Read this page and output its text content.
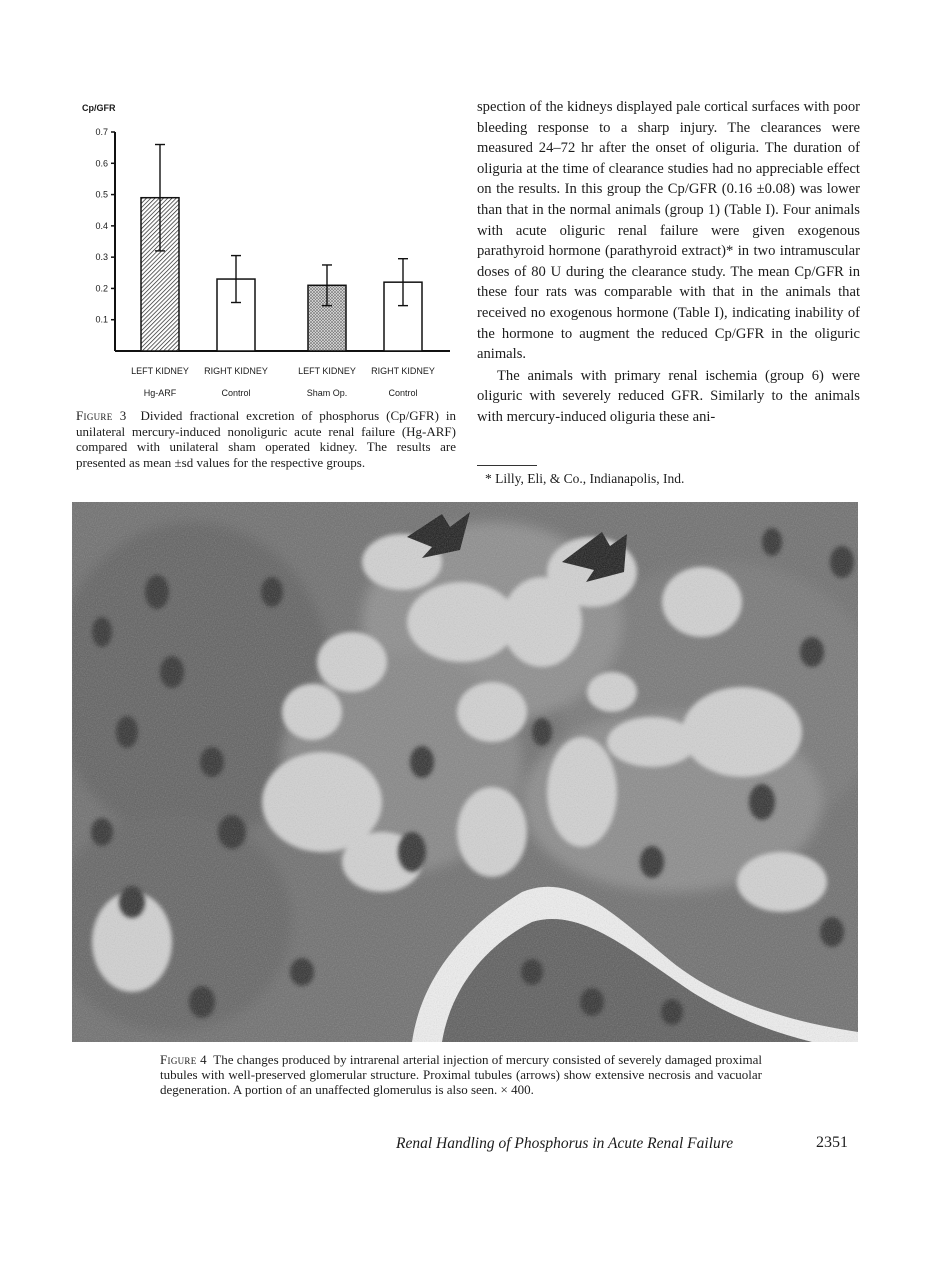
Cp/GFR
0.1
0.2
0.3
0.4
0.5
0.6
0.7
LEFT KIDNEY
Hg-ARF
RIGHT KIDNEY
Control
LEFT KIDNEY
Sham Op.
RIGHT KIDNEY
Control
Figure 3 Divided fractional excretion of phosphorus (Cp/GFR) in unilateral mercury-induced nonoliguric acute renal failure (Hg-ARF) compared with unilateral sham operated kidney. The results are presented as mean ±sd values for the respective groups.

spection of the kidneys displayed pale cortical surfaces with poor bleeding response to a sharp injury. The clearances were measured 24–72 hr after the onset of oliguria. The duration of oliguria at the time of clearance studies had no appreciable effect on the results. In this group the Cp/GFR (0.16 ±0.08) was lower than that in the normal animals (group 1) (Table I). Four animals with acute oliguric renal failure were given exogenous parathyroid hormone (parathyroid extract)* in two intramuscular doses of 80 U during the clearance study. The mean Cp/GFR in these four rats was comparable with that in the animals that received no exogenous hormone (Table I), indicating inability of the hormone to augment the reduced Cp/GFR in the oliguric animals.

The animals with primary renal ischemia (group 6) were oliguric with severely reduced GFR. Similarly to the animals with mercury-induced oliguria these ani-

* Lilly, Eli, & Co., Indianapolis, Ind.
Figure 4 The changes produced by intrarenal arterial injection of mercury consisted of severely damaged proximal tubules with well-preserved glomerular structure. Proximal tubules (arrows) show extensive necrosis and vacuolar degeneration. A portion of an unaffected glomerulus is also seen. × 400.
Renal Handling of Phosphorus in Acute Renal Failure	2351
